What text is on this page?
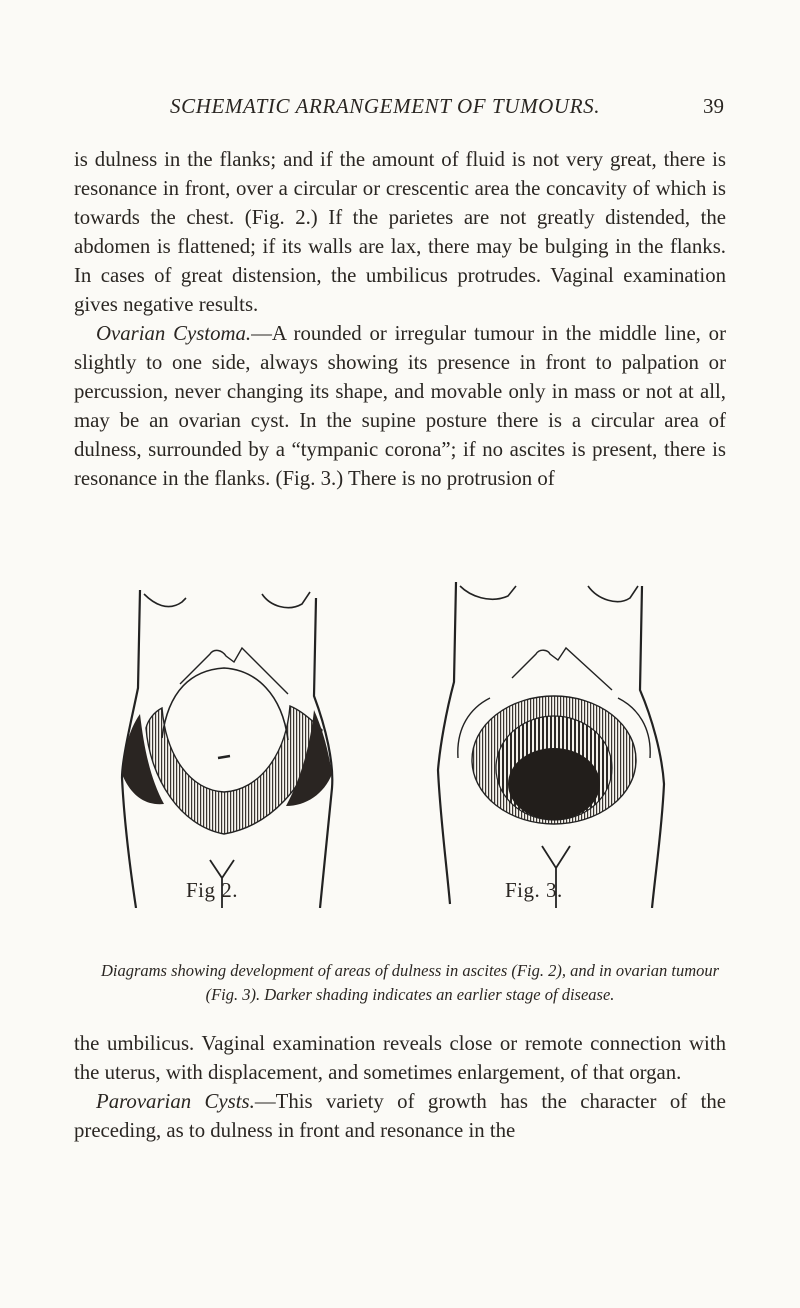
SCHEMATIC ARRANGEMENT OF TUMOURS.	39

is dulness in the flanks; and if the amount of fluid is not very great, there is resonance in front, over a circular or crescentic area the concavity of which is towards the chest. (Fig. 2.) If the parietes are not greatly distended, the abdomen is flattened; if its walls are lax, there may be bulging in the flanks. In cases of great distension, the umbilicus protrudes. Vaginal examination gives negative results.

Ovarian Cystoma.—A rounded or irregular tumour in the middle line, or slightly to one side, always showing its presence in front to palpation or percussion, never changing its shape, and movable only in mass or not at all, may be an ovarian cyst. In the supine posture there is a circular area of dulness, surrounded by a “tympanic corona”; if no ascites is present, there is resonance in the flanks. (Fig. 3.) There is no protrusion of

Fig 2.	Fig. 3.
Diagrams showing development of areas of dulness in ascites (Fig. 2), and in ovarian tumour (Fig. 3). Darker shading indicates an earlier stage of disease.

the umbilicus. Vaginal examination reveals close or remote connection with the uterus, with displacement, and sometimes enlargement, of that organ.

Parovarian Cysts.—This variety of growth has the character of the preceding, as to dulness in front and resonance in the
